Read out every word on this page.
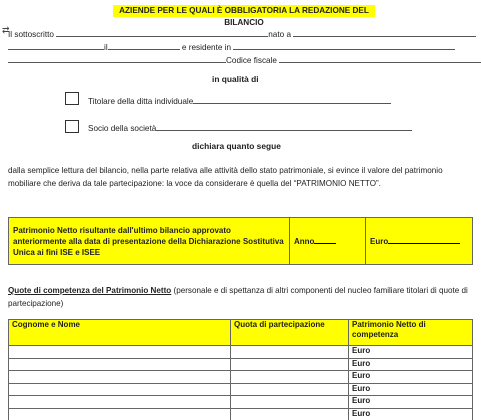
AZIENDE PER LE QUALI È OBBLIGATORIA LA REDAZIONE DEL BILANCIO
⇄
Il sottoscritto	nato a
il	e residente in
Codice fiscale
in qualità di
Titolare della ditta individuale
Socio della società
dichiara quanto segue
dalla semplice lettura del bilancio, nella parte relativa alle attività dello stato patrimoniale, si evince il valore del patrimonio mobiliare che deriva da tale partecipazione: la voce da considerare è quella del “PATRIMONIO NETTO”.
Patrimonio Netto risultante dall'ultimo bilancio approvato anteriormente alla data di presentazione della Dichiarazione Sostitutiva Unica ai fini ISE e ISEE	Anno	Euro
Quote di competenza del Patrimonio Netto (personale e di spettanza di altri componenti del nucleo familiare titolari di quote di partecipazione)
Cognome e Nome	Quota di partecipazione	Patrimonio Netto di competenza
		Euro
		Euro
		Euro
		Euro
		Euro
		Euro
